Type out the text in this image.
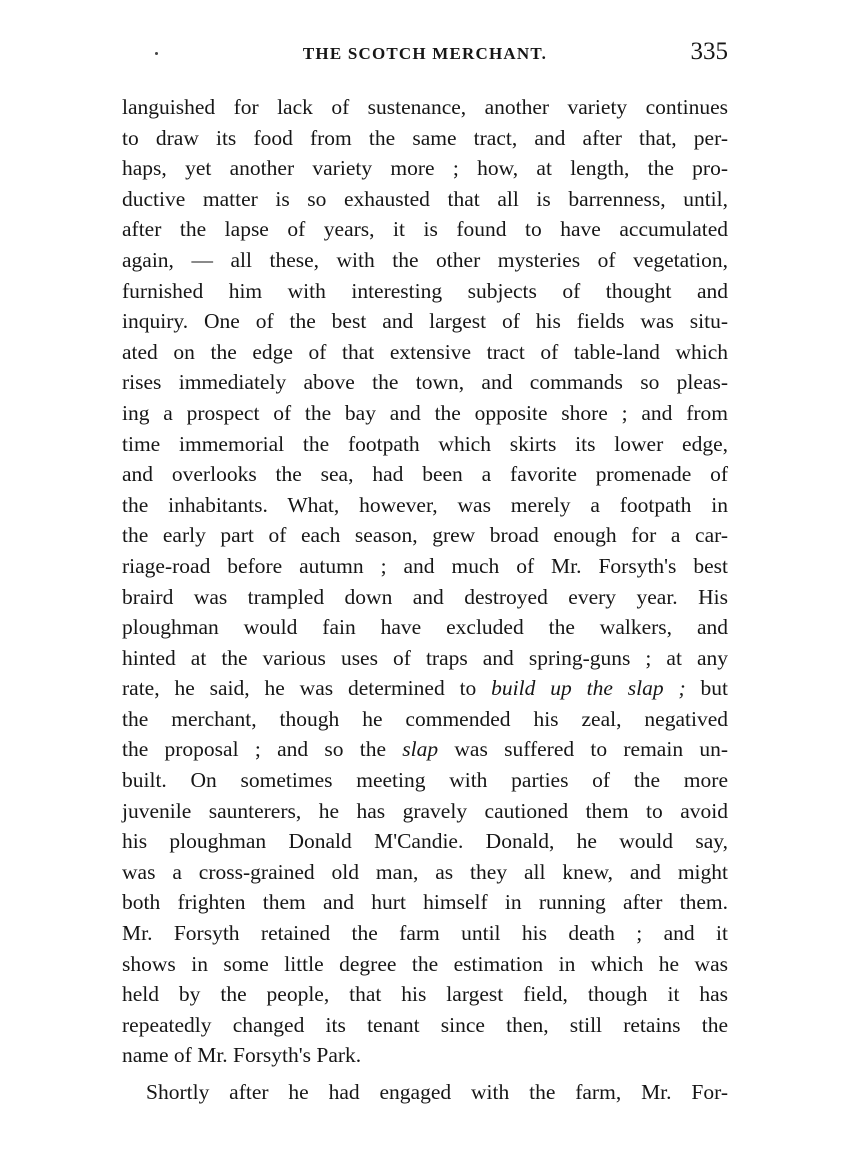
THE SCOTCH MERCHANT.	335
languished for lack of sustenance, another variety continues
to draw its food from the same tract, and after that, per-
haps, yet another variety more ; how, at length, the pro-
ductive matter is so exhausted that all is barrenness, until,
after the lapse of years, it is found to have accumulated
again, — all these, with the other mysteries of vegetation,
furnished him with interesting subjects of thought and
inquiry. One of the best and largest of his fields was situ-
ated on the edge of that extensive tract of table-land which
rises immediately above the town, and commands so pleas-
ing a prospect of the bay and the opposite shore ; and from
time immemorial the footpath which skirts its lower edge,
and overlooks the sea, had been a favorite promenade of
the inhabitants. What, however, was merely a footpath in
the early part of each season, grew broad enough for a car-
riage-road before autumn ; and much of Mr. Forsyth's best
braird was trampled down and destroyed every year. His
ploughman would fain have excluded the walkers, and
hinted at the various uses of traps and spring-guns ; at any
rate, he said, he was determined to build up the slap ; but
the merchant, though he commended his zeal, negatived
the proposal ; and so the slap was suffered to remain un-
built. On sometimes meeting with parties of the more
juvenile saunterers, he has gravely cautioned them to avoid
his ploughman Donald M'Candie. Donald, he would say,
was a cross-grained old man, as they all knew, and might
both frighten them and hurt himself in running after them.
Mr. Forsyth retained the farm until his death ; and it
shows in some little degree the estimation in which he was
held by the people, that his largest field, though it has
repeatedly changed its tenant since then, still retains the
name of Mr. Forsyth's Park.
Shortly after he had engaged with the farm, Mr. For-
